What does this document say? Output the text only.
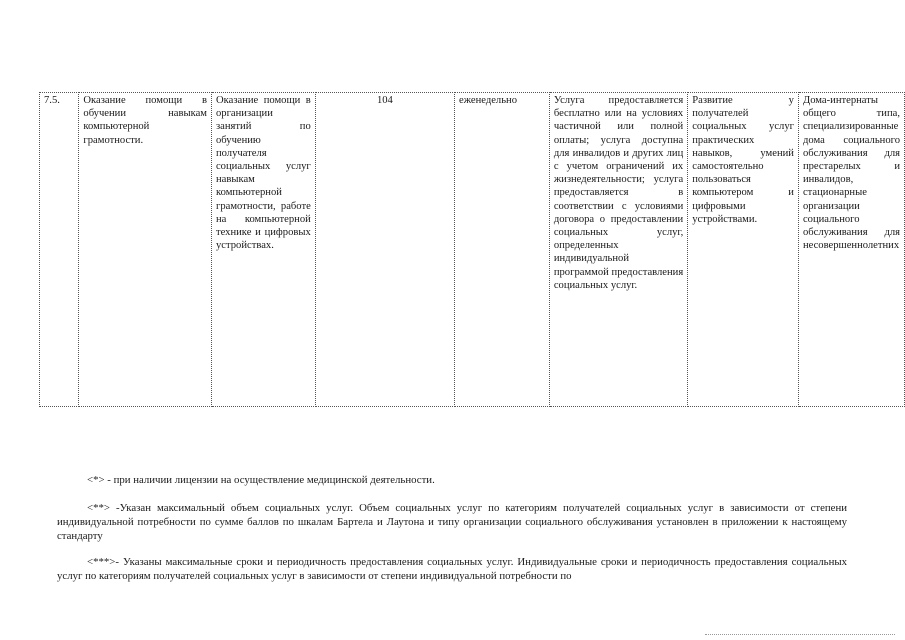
7.5.	Оказание помощи в обучении навыкам компьютерной грамотности.	Оказание помощи в организации занятий по обучению получателя социальных услуг навыкам компьютерной грамотности, работе на компьютерной технике и цифровых устройствах.	104	еженедельно	Услуга предоставляется бесплатно или на условиях частичной или полной оплаты; услуга доступна для инвалидов и других лиц с учетом ограничений их жизнедеятельности; услуга предоставляется в соответствии с условиями договора о предоставлении социальных услуг, определенных индивидуальной программой предоставления социальных услуг.	Развитие у получателей социальных услуг практических навыков, умений самостоятельно пользоваться компьютером и цифровыми устройствами.	Дома-интернаты общего типа, специализированные дома социального обслуживания для престарелых и инвалидов, стационарные организации социального обслуживания для несовершеннолетних

<*> - при наличии лицензии на осуществление медицинской деятельности.

<**> -Указан максимальный объем социальных услуг. Объем социальных услуг по категориям получателей социальных услуг в зависимости от степени индивидуальной потребности по сумме баллов по шкалам Бартела и Лаутона и типу организации социального обслуживания установлен в приложении к настоящему стандарту

<***>- Указаны максимальные сроки и периодичность предоставления социальных услуг. Индивидуальные сроки и периодичность предоставления социальных услуг по категориям получателей социальных услуг в зависимости от степени индивидуальной потребности по
